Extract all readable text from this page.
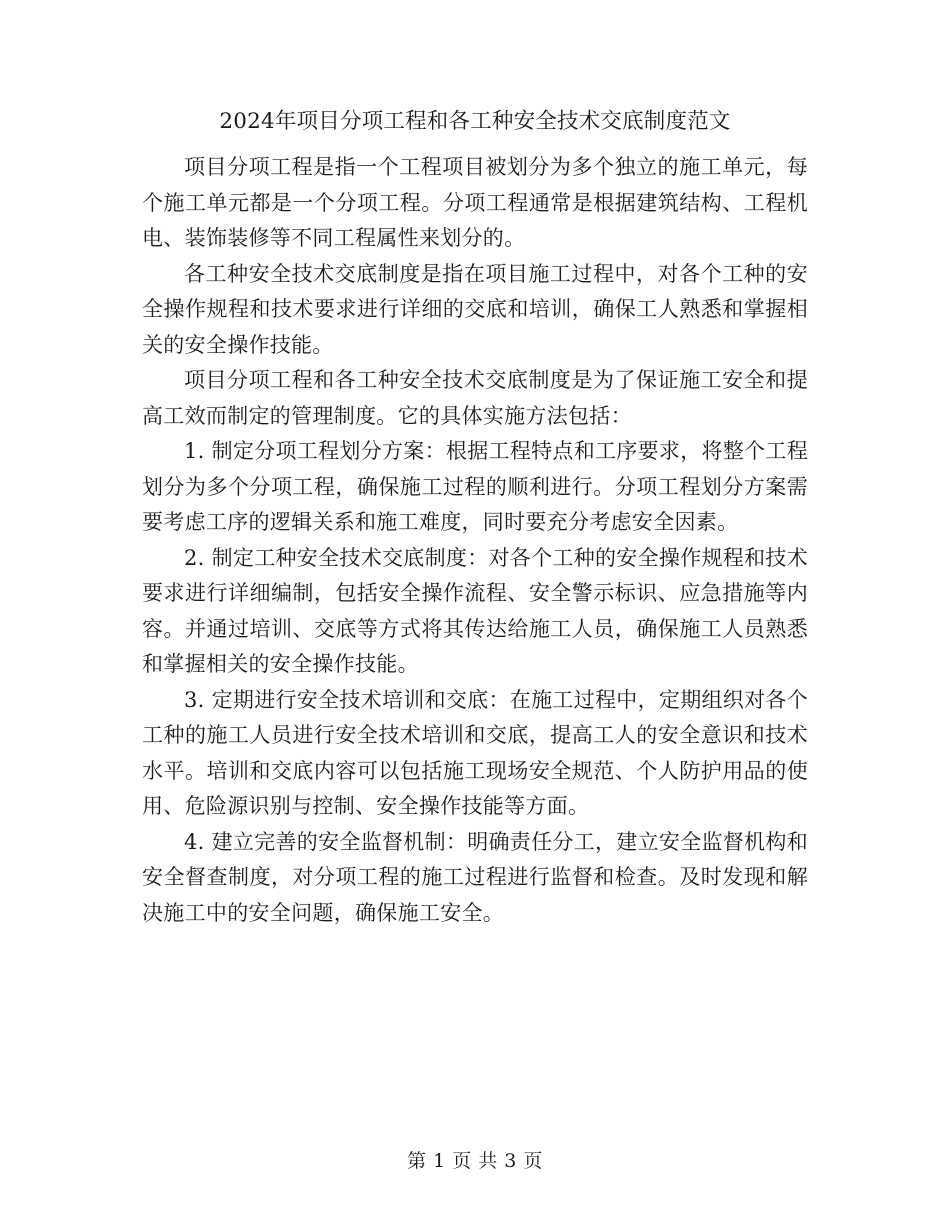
2024年项目分项工程和各工种安全技术交底制度范文

项目分项工程是指一个工程项目被划分为多个独立的施工单元，每个施工单元都是一个分项工程。分项工程通常是根据建筑结构、工程机电、装饰装修等不同工程属性来划分的。

各工种安全技术交底制度是指在项目施工过程中，对各个工种的安全操作规程和技术要求进行详细的交底和培训，确保工人熟悉和掌握相关的安全操作技能。

项目分项工程和各工种安全技术交底制度是为了保证施工安全和提高工效而制定的管理制度。它的具体实施方法包括：

1. 制定分项工程划分方案：根据工程特点和工序要求，将整个工程划分为多个分项工程，确保施工过程的顺利进行。分项工程划分方案需要考虑工序的逻辑关系和施工难度，同时要充分考虑安全因素。

2. 制定工种安全技术交底制度：对各个工种的安全操作规程和技术要求进行详细编制，包括安全操作流程、安全警示标识、应急措施等内容。并通过培训、交底等方式将其传达给施工人员，确保施工人员熟悉和掌握相关的安全操作技能。

3. 定期进行安全技术培训和交底：在施工过程中，定期组织对各个工种的施工人员进行安全技术培训和交底，提高工人的安全意识和技术水平。培训和交底内容可以包括施工现场安全规范、个人防护用品的使用、危险源识别与控制、安全操作技能等方面。

4. 建立完善的安全监督机制：明确责任分工，建立安全监督机构和安全督查制度，对分项工程的施工过程进行监督和检查。及时发现和解决施工中的安全问题，确保施工安全。

第 1 页 共 3 页
